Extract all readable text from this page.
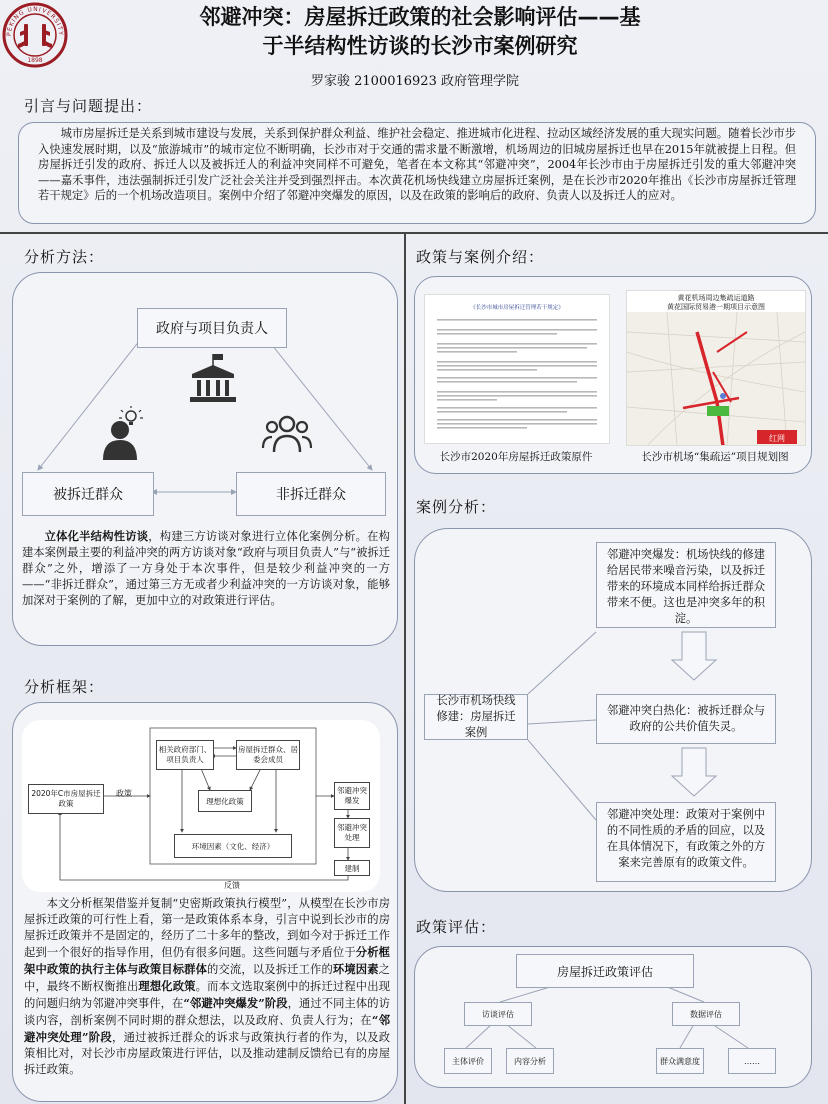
PEKING UNIVERSITY
1898
邻避冲突：房屋拆迁政策的社会影响评估——基
于半结构性访谈的长沙市案例研究
罗家骏 2100016923 政府管理学院
引言与问题提出：

城市房屋拆迁是关系到城市建设与发展，关系到保护群众利益、维护社会稳定、推进城市化进程、拉动区域经济发展的重大现实问题。随着长沙市步入快速发展时期，以及“旅游城市”的城市定位不断明确，长沙市对于交通的需求量不断激增，机场周边的旧城房屋拆迁也早在2015年就被提上日程。但房屋拆迁引发的政府、拆迁人以及被拆迁人的利益冲突同样不可避免，笔者在本文称其“邻避冲突”，2004年长沙市由于房屋拆迁引发的重大邻避冲突——嘉禾事件，违法强制拆迁引发广泛社会关注并受到强烈抨击。本次黄花机场快线建立房屋拆迁案例，是在长沙市2020年推出《长沙市房屋拆迁管理若干规定》后的一个机场改造项目。案例中介绍了邻避冲突爆发的原因，以及在政策的影响后的政府、负责人以及拆迁人的应对。

分析方法：
政府与项目负责人
被拆迁群众	非拆迁群众

立体化半结构性访谈，构建三方访谈对象进行立体化案例分析。在构建本案例最主要的利益冲突的两方访谈对象“政府与项目负责人”与“被拆迁群众”之外，增添了一方身处于本次事件，但是较少利益冲突的一方——“非拆迁群众”，通过第三方无或者少利益冲突的一方访谈对象，能够加深对于案例的了解，更加中立的对政策进行评估。

分析框架：
2020年C市房屋拆迁政策
政策
相关政府部门、项目负责人
房屋拆迁群众、居委会成员
理想化政策
环境因素（文化、经济）
邻避冲突爆发
邻避冲突处理
建制
反馈

本文分析框架借鉴并复制“史密斯政策执行模型”，从模型在长沙市房屋拆迁政策的可行性上看，第一是政策体系本身，引言中说到长沙市的房屋拆迁政策并不是固定的，经历了二十多年的整改，到如今对于拆迁工作起到一个很好的指导作用，但仍有很多问题。这些问题与矛盾位于分析框架中政策的执行主体与政策目标群体的交流，以及拆迁工作的环境因素之中，最终不断权衡推出理想化政策。而本文选取案例中的拆迁过程中出现的问题归纳为邻避冲突事件，在“邻避冲突爆发”阶段，通过不同主体的访谈内容，剖析案例不同时期的群众想法，以及政府、负责人行为；在“邻避冲突处理”阶段，通过被拆迁群众的诉求与政策执行者的作为，以及政策相比对，对长沙市房屋政策进行评估，以及推动建制反馈给已有的房屋拆迁政策。

政策与案例介绍：
《长沙市城市房屋拆迁管理若干规定》
黄花机场周边集疏运道路
黄花国际贸易港一期项目示意图
红网
长沙市2020年房屋拆迁政策原件	长沙市机场“集疏运”项目规划图
案例分析：
长沙市机场快线修建：房屋拆迁案例
邻避冲突爆发：机场快线的修建给居民带来噪音污染，以及拆迁带来的环境成本同样给拆迁群众带来不便。这也是冲突多年的积淀。
邻避冲突白热化：被拆迁群众与政府的公共价值失灵。
邻避冲突处理：政策对于案例中的不同性质的矛盾的回应，以及在具体情况下，有政策之外的方案来完善原有的政策文件。
政策评估：
房屋拆迁政策评估
访谈评估	数据评估
主体评价	内容分析	群众满意度	……
